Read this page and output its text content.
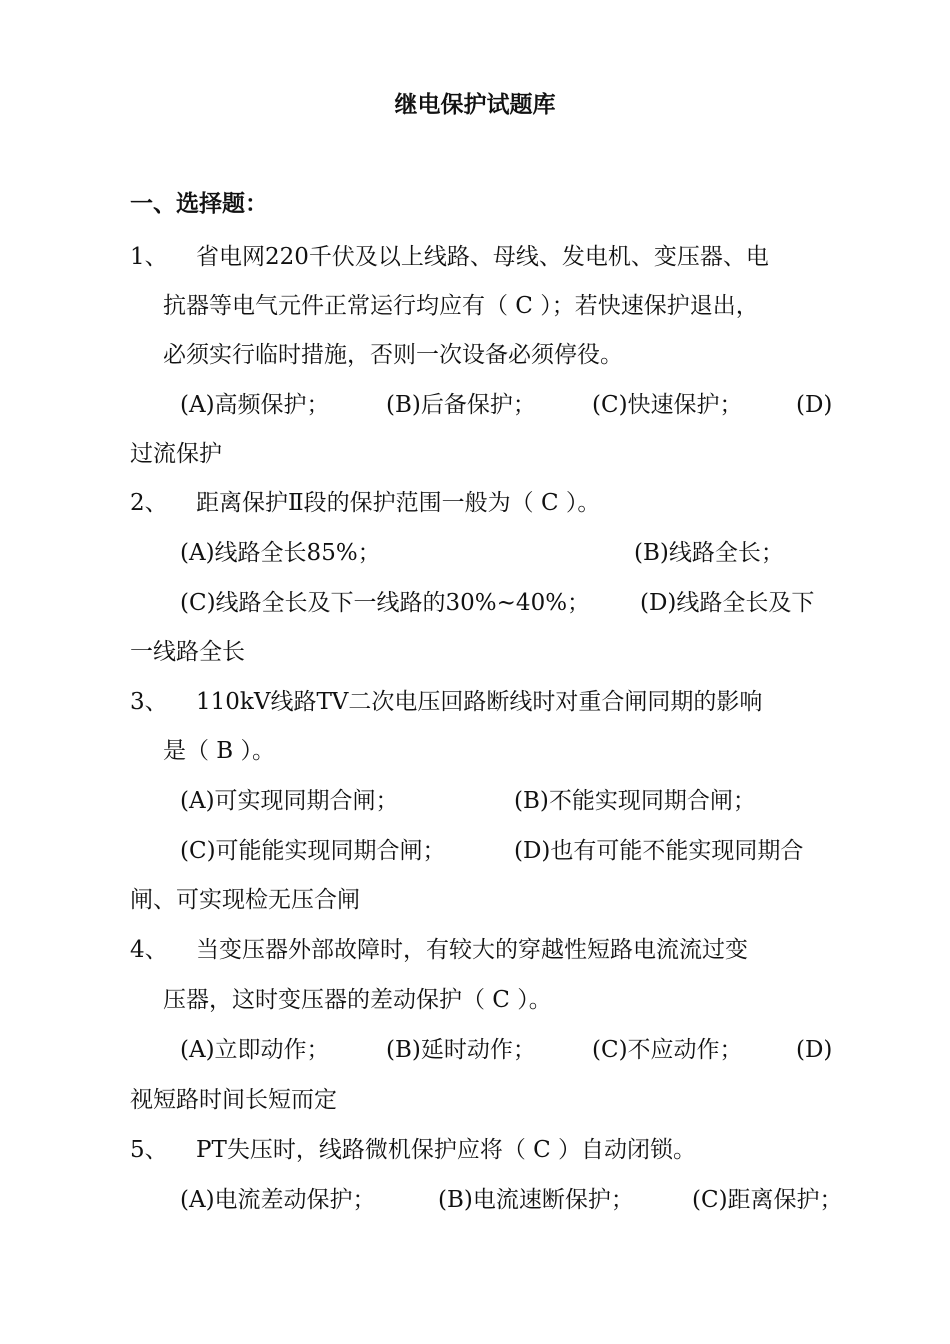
继电保护试题库
一、选择题：
1、 省电网220千伏及以上线路、母线、发电机、变压器、电
抗器等电气元件正常运行均应有（ C ）；若快速保护退出，
必须实行临时措施，否则一次设备必须停役。
(A)高频保护； (B)后备保护； (C)快速保护； (D)
过流保护
2、 距离保护Ⅱ段的保护范围一般为（ C ）。
(A)线路全长85%；	(B)线路全长；
(C)线路全长及下一线路的30%~40%； (D)线路全长及下
一线路全长
3、 110kV线路TV二次电压回路断线时对重合闸同期的影响
是（ B ）。
(A)可实现同期合闸；	(B)不能实现同期合闸；
(C)可能能实现同期合闸；	(D)也有可能不能实现同期合
闸、可实现检无压合闸
4、 当变压器外部故障时，有较大的穿越性短路电流流过变
压器，这时变压器的差动保护（ C ）。
(A)立即动作； (B)延时动作； (C)不应动作； (D)
视短路时间长短而定
5、 PT失压时，线路微机保护应将（ C ）自动闭锁。
(A)电流差动保护；	(B)电流速断保护；	(C)距离保护；
